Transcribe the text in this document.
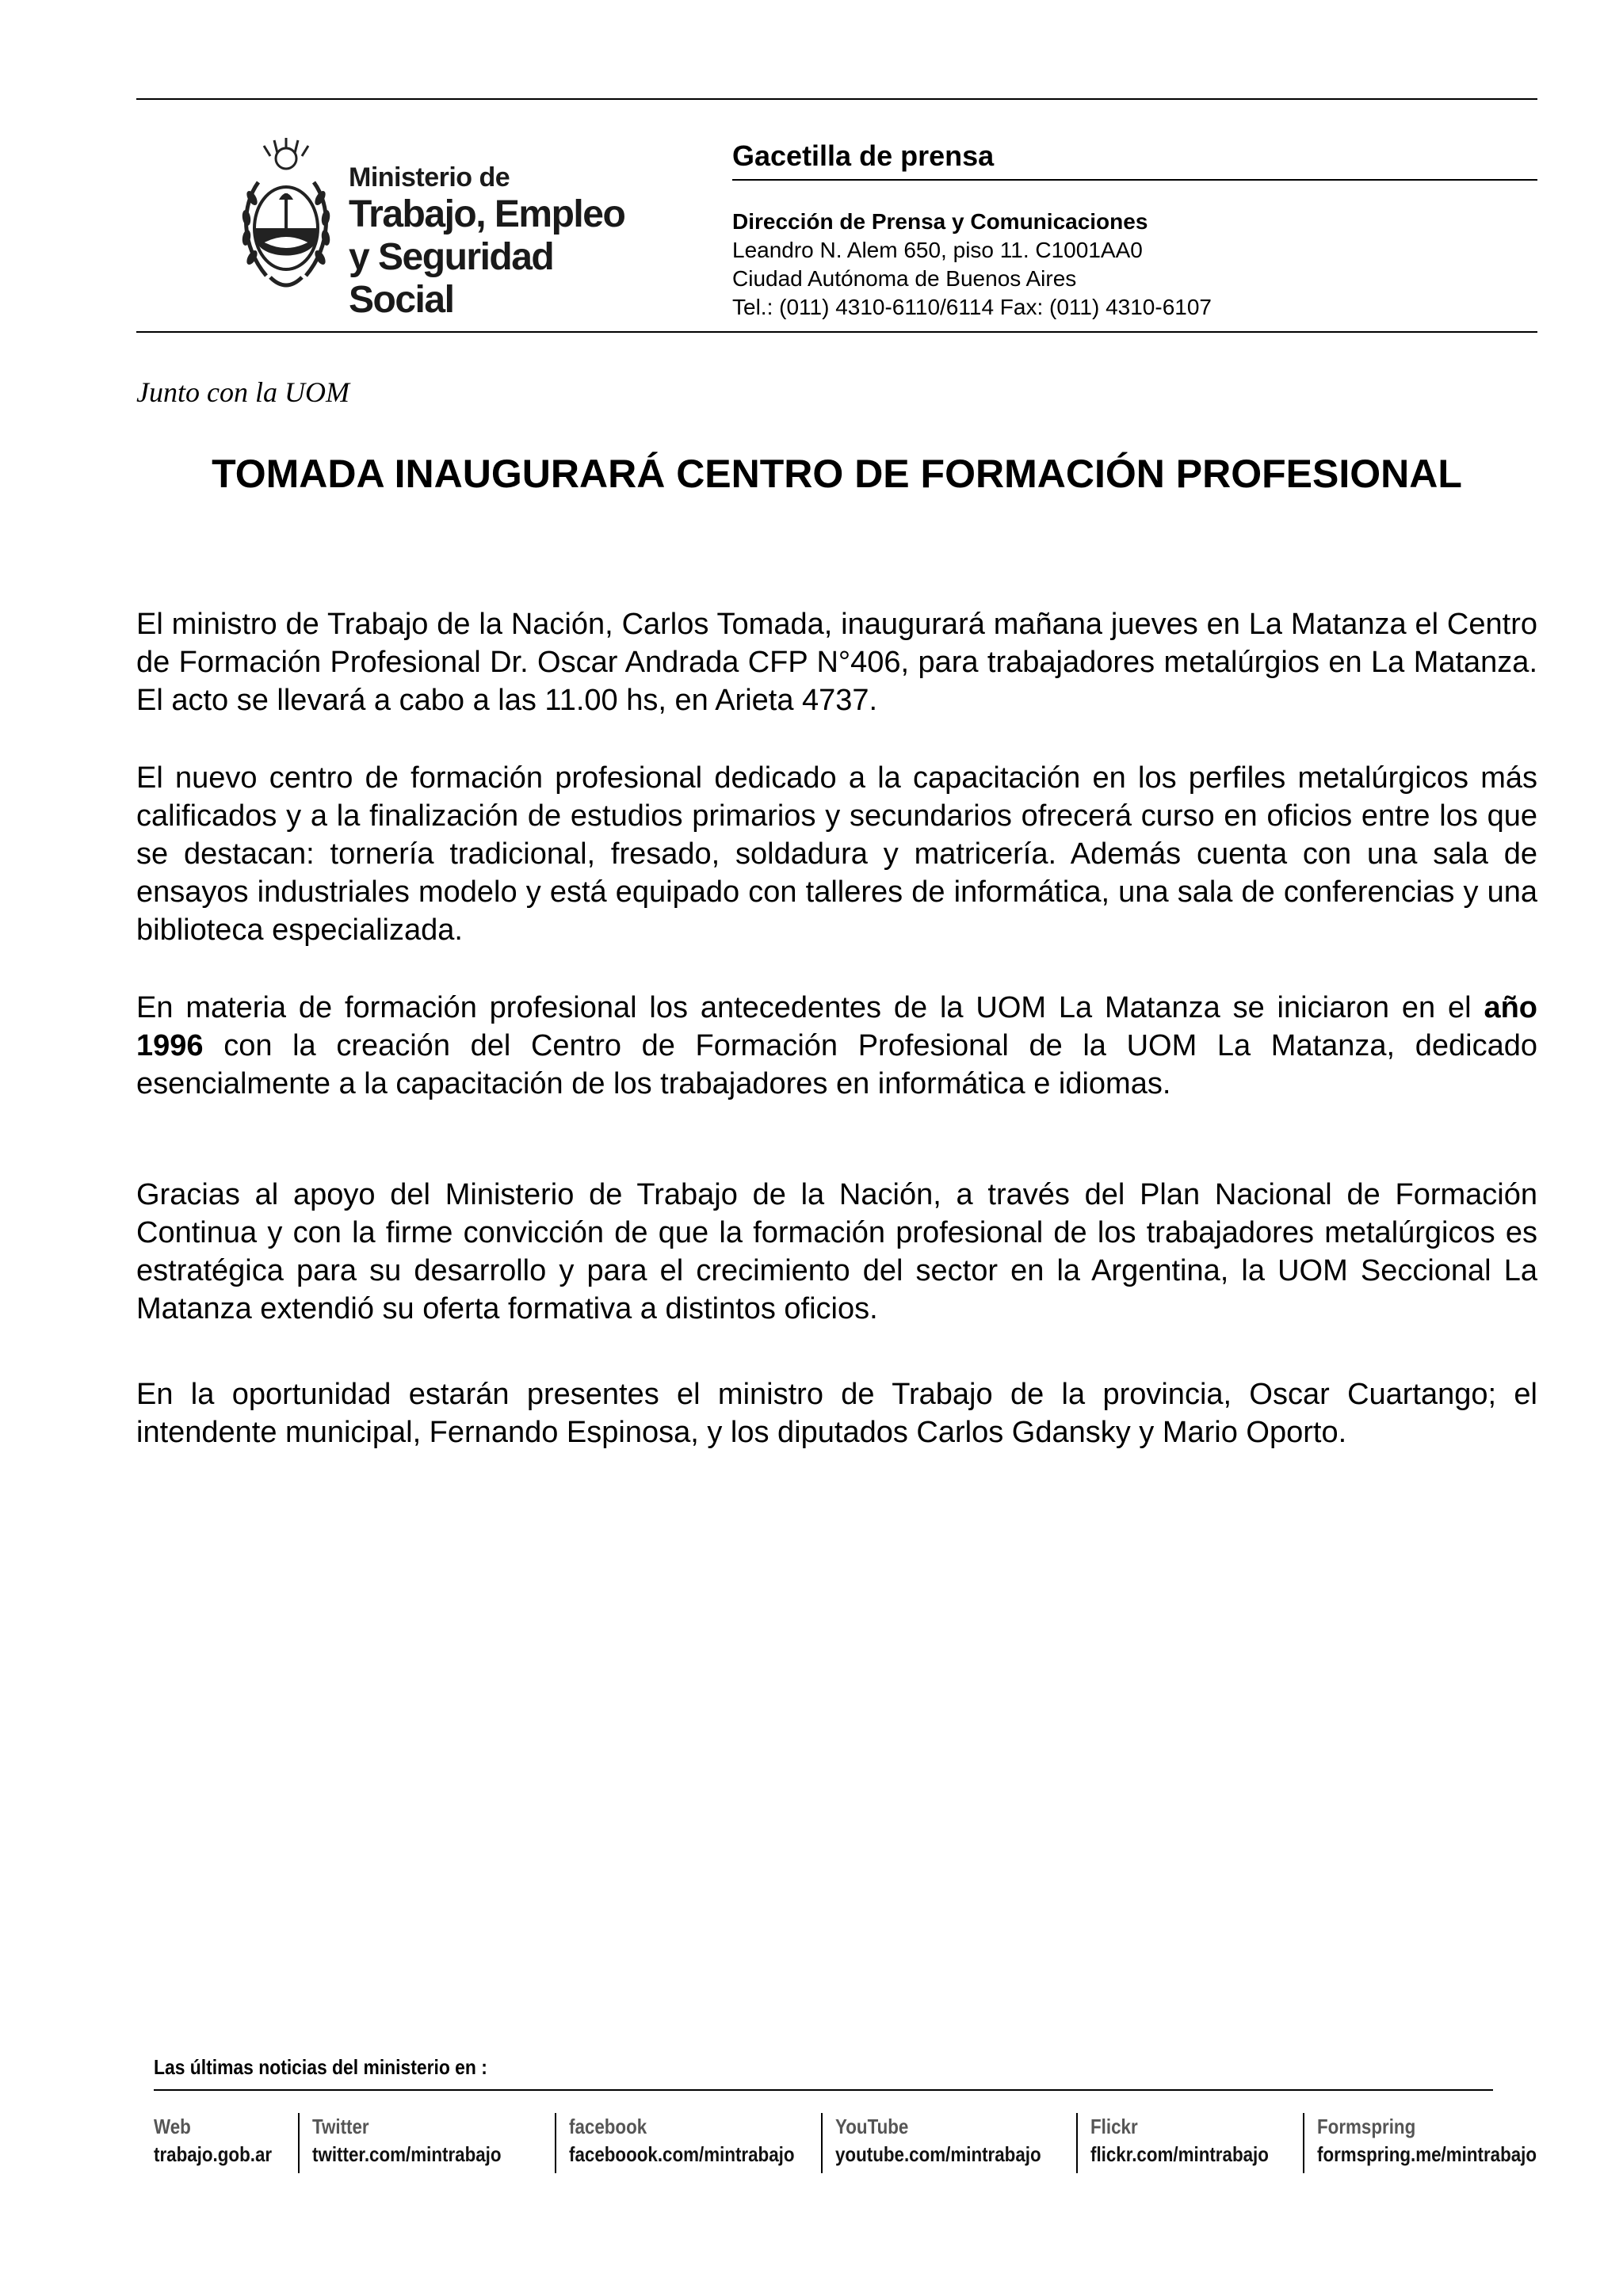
Ministerio de
Trabajo, Empleo
y Seguridad Social
Gacetilla de prensa
Dirección de Prensa y Comunicaciones
Leandro N. Alem 650, piso 11. C1001AA0
Ciudad Autónoma de Buenos Aires
Tel.: (011) 4310-6110/6114 Fax: (011) 4310-6107
Junto con la UOM
TOMADA INAUGURARÁ CENTRO DE FORMACIÓN PROFESIONAL

El ministro de Trabajo de la Nación, Carlos Tomada, inaugurará mañana jueves en La Matanza el Centro de Formación Profesional Dr. Oscar Andrada CFP N°406, para trabajadores metalúrgios en La Matanza. El acto se llevará a cabo a las 11.00 hs, en Arieta 4737.

El nuevo centro de formación profesional dedicado a la capacitación en los perfiles metalúrgicos más calificados y a la finalización de estudios primarios y secundarios ofrecerá curso en oficios entre los que se destacan: tornería tradicional, fresado, soldadura y matricería. Además cuenta con una sala de ensayos industriales modelo y está equipado con talleres de informática, una sala de conferencias y una biblioteca especializada.

En materia de formación profesional los antecedentes de la UOM La Matanza se iniciaron en el año 1996 con la creación del Centro de Formación Profesional de la UOM La Matanza, dedicado esencialmente a la capacitación de los trabajadores en informática e idiomas.

Gracias al apoyo del Ministerio de Trabajo de la Nación, a través del Plan Nacional de Formación Continua y con la firme convicción de que la formación profesional de los trabajadores metalúrgicos es estratégica para su desarrollo y para el crecimiento del sector en la Argentina, la UOM Seccional La Matanza extendió su oferta formativa a distintos oficios.

En la oportunidad estarán presentes el ministro de Trabajo de la provincia, Oscar Cuartango; el intendente municipal, Fernando Espinosa, y los diputados Carlos Gdansky y Mario Oporto.

Las últimas noticias del ministerio en :
Web
trabajo.gob.ar
Twitter
twitter.com/mintrabajo
facebook
faceboook.com/mintrabajo
YouTube
youtube.com/mintrabajo
Flickr
flickr.com/mintrabajo
Formspring
formspring.me/mintrabajo
